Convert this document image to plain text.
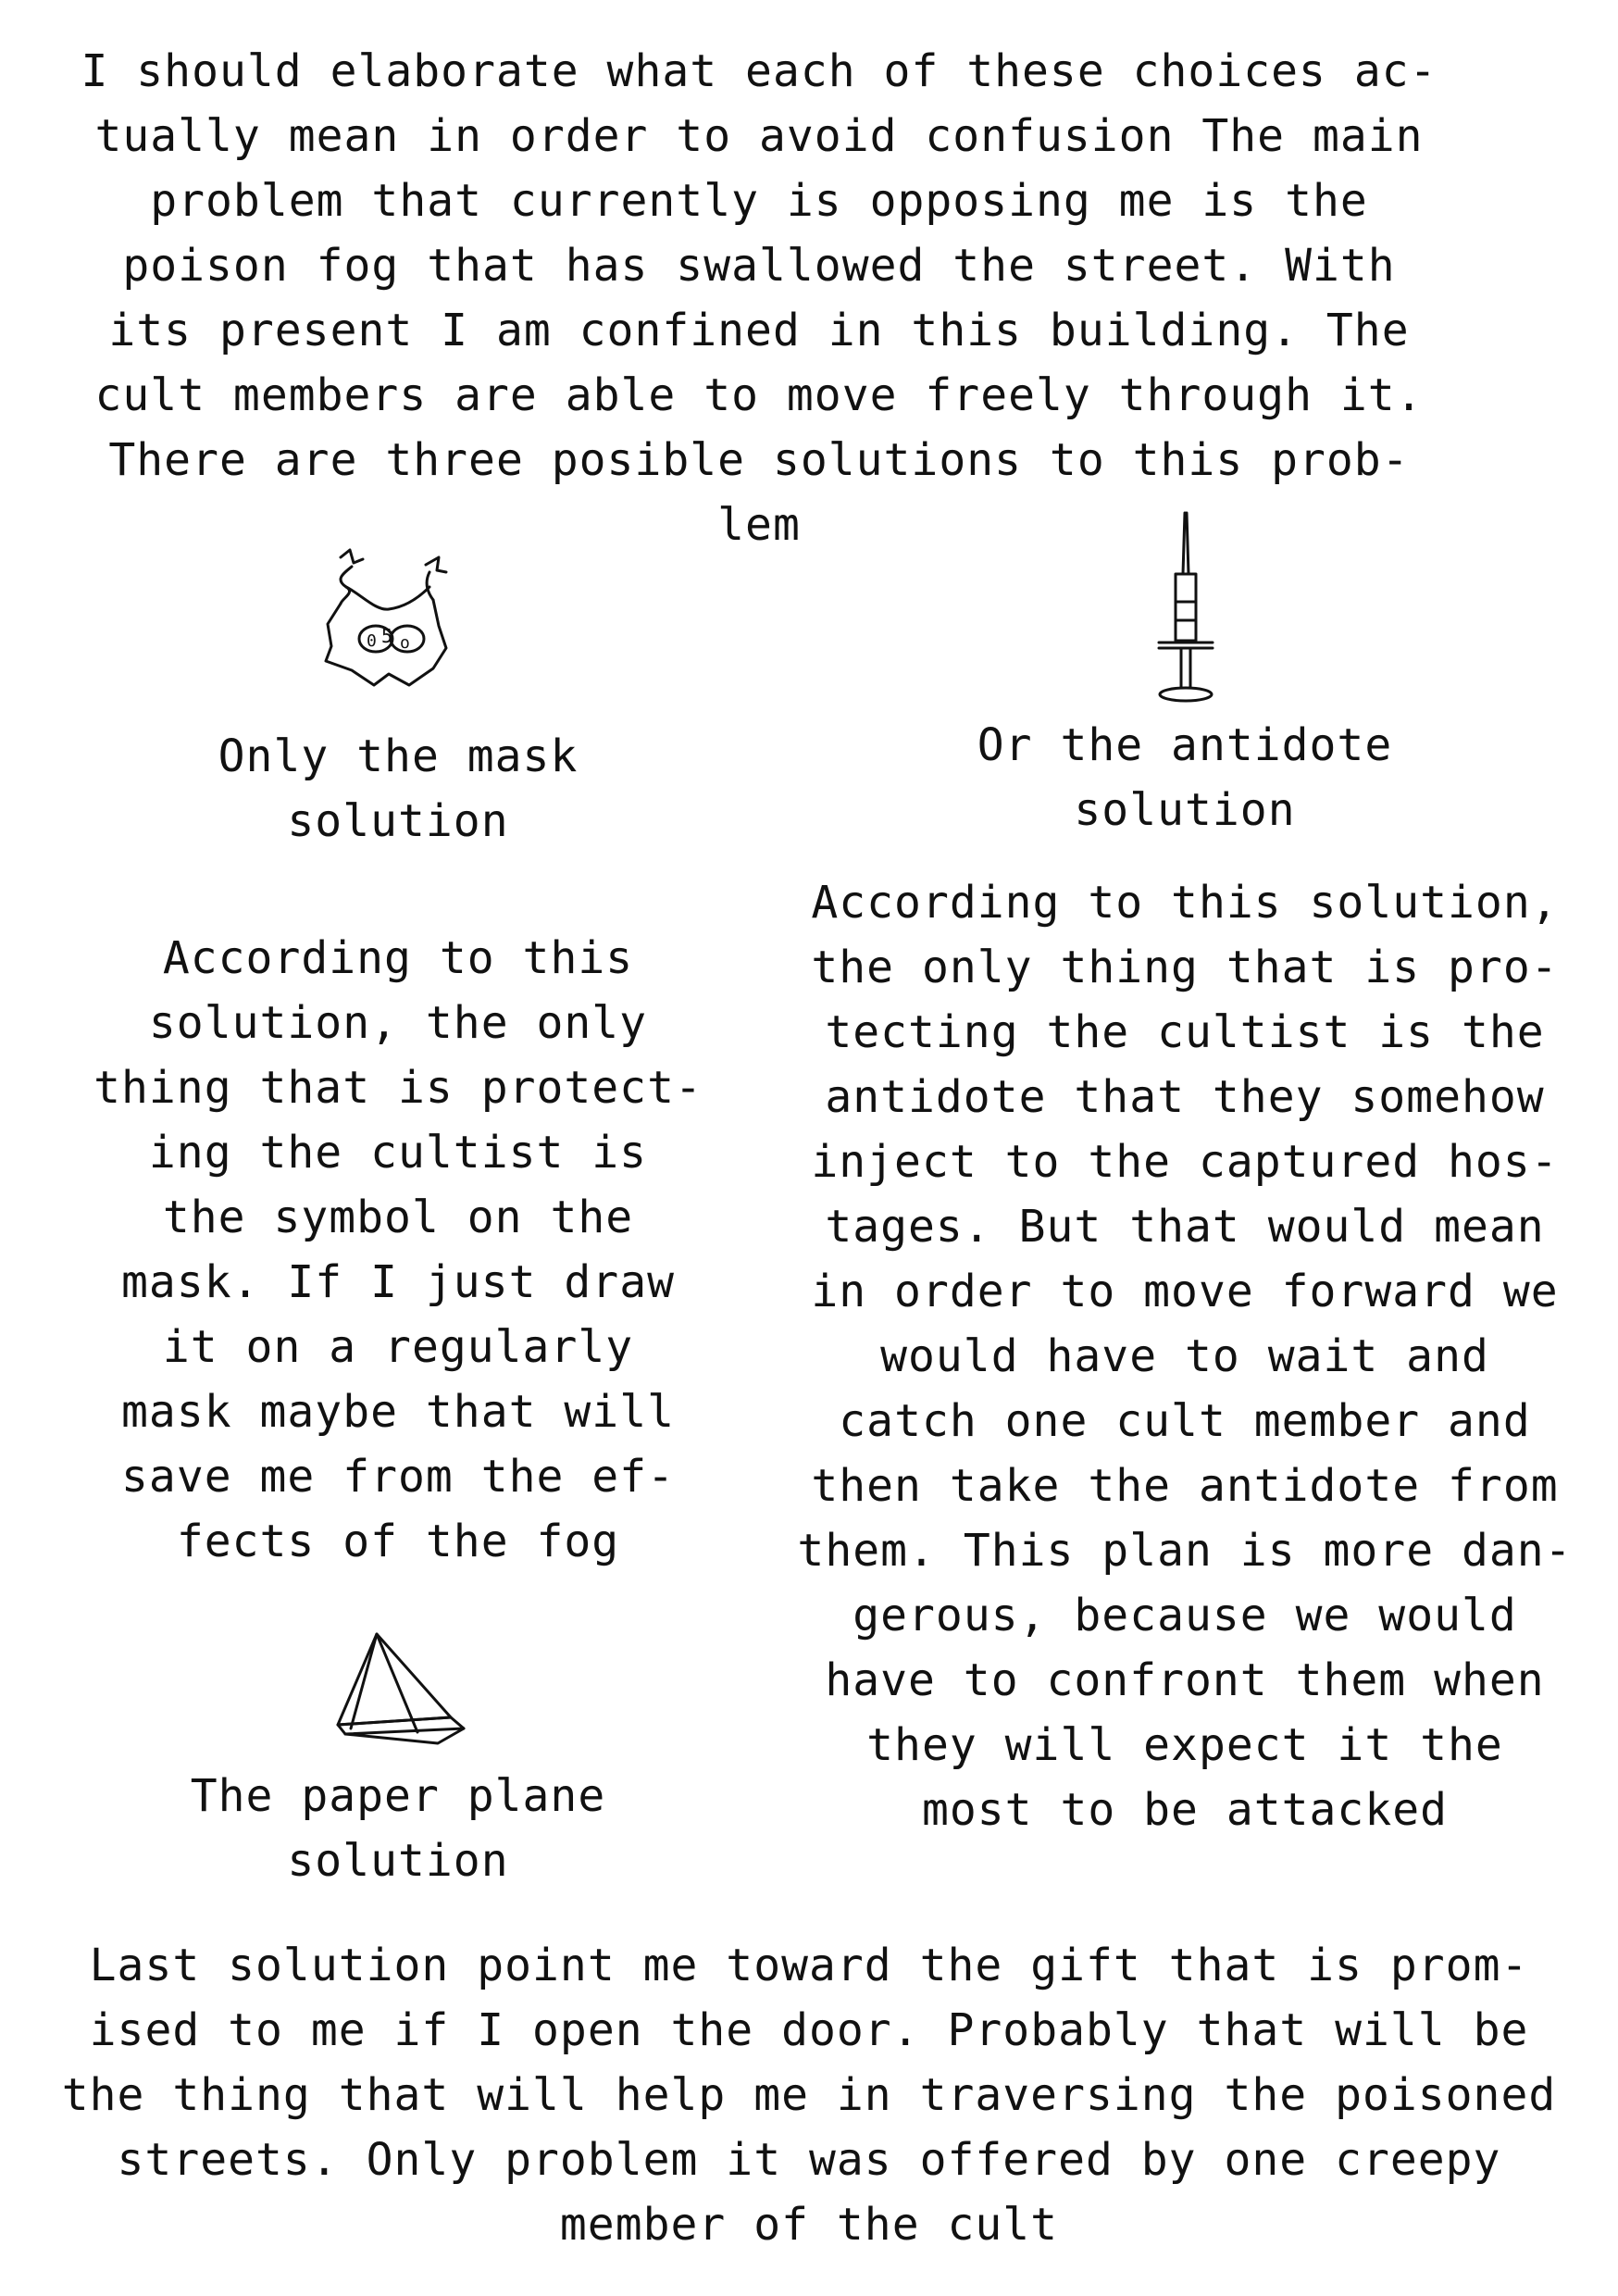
I should elaborate what each of these choices ac-
tually mean in order to avoid confusion The main
problem that currently is opposing me is the
poison fog that has swallowed the street. With
its present I am confined in this building. The
cult members are able to move freely through it.
There are three posible solutions to this prob-
lem
0 5 o
Only the mask
solution
According to this
solution, the only
thing that is protect-
ing the cultist is
the symbol on the
mask. If I just draw
it on a regularly
mask maybe that will
save me from the ef-
fects of the fog
The paper plane
solution
Or the antidote
solution
According to this solution,
the only thing that is pro-
tecting the cultist is the
antidote that they somehow
inject to the captured hos-
tages. But that would mean
in order to move forward we
would have to wait and
catch one cult member and
then take the antidote from
them. This plan is more dan-
gerous, because we would
have to confront them when
they will expect it the
most to be attacked
Last solution point me toward the gift that is prom-
ised to me if I open the door. Probably that will be
the thing that will help me in traversing the poisoned
streets. Only problem it was offered by one creepy
member of the cult
